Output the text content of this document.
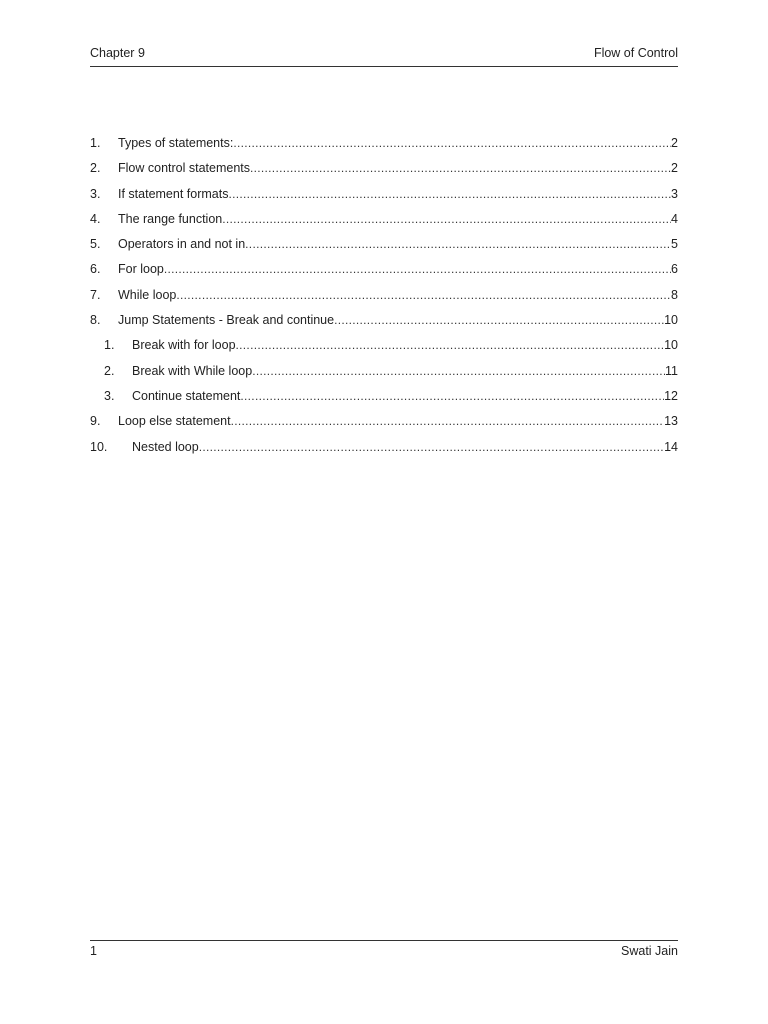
Chapter 9	Flow of Control
1.	Types of statements: .....	2
2.	Flow control statements .....	2
3.	If statement formats .....	3
4.	The range function .....	4
5.	Operators in and not in .....	5
6.	For loop .....	6
7.	While loop .....	8
8.	Jump Statements - Break and continue .....	10
1.	Break with for loop .....	10
2.	Break with While loop .....	11
3.	Continue statement .....	12
9.	Loop else statement .....	13
10.	Nested loop .....	14
1	Swati Jain
